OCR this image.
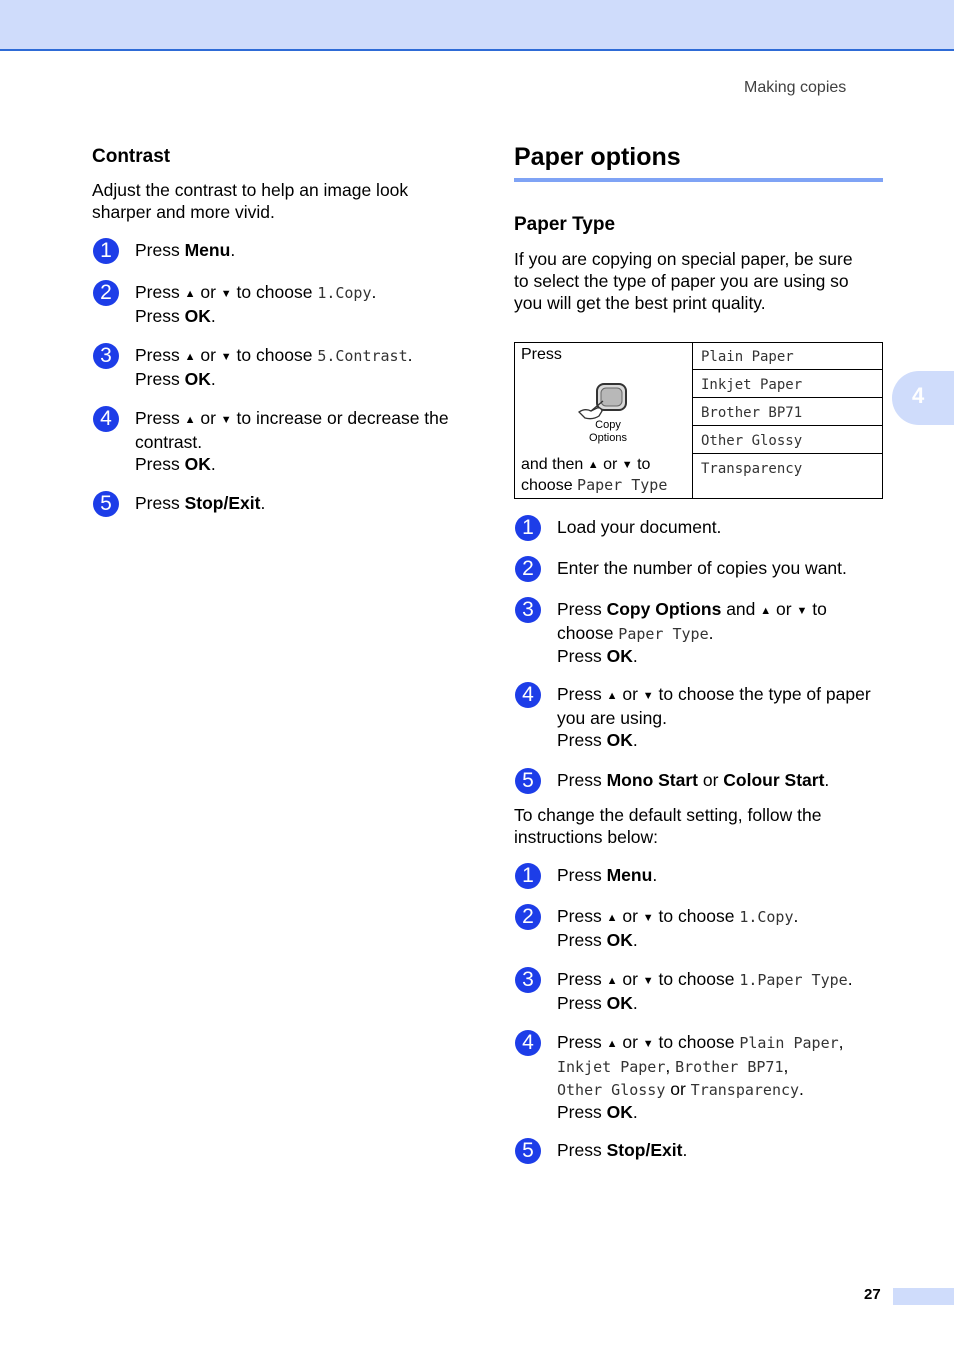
Making copies
4
Contrast
Adjust the contrast to help an image look
sharper and more vivid.
1	Press Menu.
2	Press ▲ or ▼ to choose 1.Copy.
Press OK.
3	Press ▲ or ▼ to choose 5.Contrast.
Press OK.
4	Press ▲ or ▼ to increase or decrease the
contrast.
Press OK.
5	Press Stop/Exit.
Paper options
Paper Type
If you are copying on special paper, be sure
to select the type of paper you are using so
you will get the best print quality.
Press
Copy
Options
and then ▲ or ▼ to
choose Paper Type
Plain Paper
Inkjet Paper
Brother BP71
Other Glossy
Transparency
1	Load your document.
2	Enter the number of copies you want.
3	Press Copy Options and ▲ or ▼ to
choose Paper Type.
Press OK.
4	Press ▲ or ▼ to choose the type of paper
you are using.
Press OK.
5	Press Mono Start or Colour Start.
To change the default setting, follow the
instructions below:
1	Press Menu.
2	Press ▲ or ▼ to choose 1.Copy.
Press OK.
3	Press ▲ or ▼ to choose 1.Paper Type.
Press OK.
4	Press ▲ or ▼ to choose Plain Paper,
Inkjet Paper, Brother BP71,
Other Glossy or Transparency.
Press OK.
5	Press Stop/Exit.
27
